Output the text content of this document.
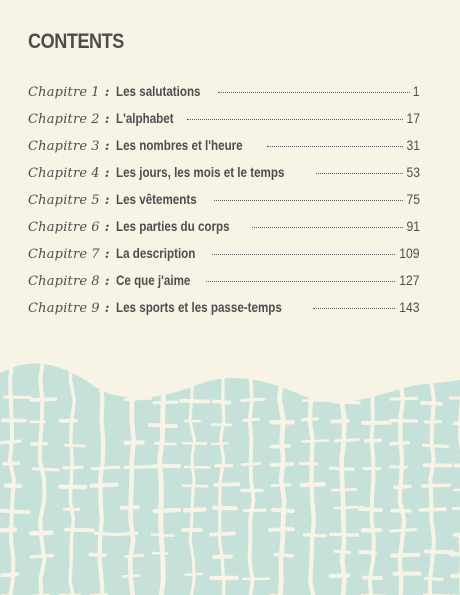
CONTENTS
Chapitre 1 : Les salutations	1
Chapitre 2 : L'alphabet	17
Chapitre 3 : Les nombres et l'heure	31
Chapitre 4 : Les jours, les mois et le temps	53
Chapitre 5 : Les vêtements	75
Chapitre 6 : Les parties du corps	91
Chapitre 7 : La description	109
Chapitre 8 : Ce que j'aime	127
Chapitre 9 : Les sports et les passe-temps	143
